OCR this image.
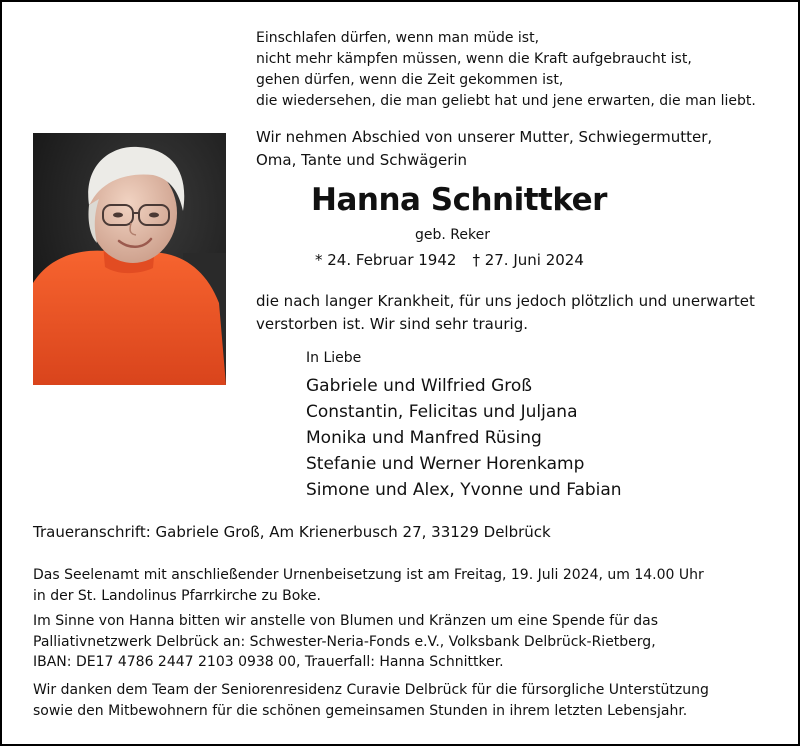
Einschlafen dürfen, wenn man müde ist,
nicht mehr kämpfen müssen, wenn die Kraft aufgebraucht ist,
gehen dürfen, wenn die Zeit gekommen ist,
die wiedersehen, die man geliebt hat und jene erwarten, die man liebt.
Wir nehmen Abschied von unserer Mutter, Schwiegermutter,
Oma, Tante und Schwägerin
Hanna Schnittker
geb. Reker
* 24. Februar 1942 † 27. Juni 2024
die nach langer Krankheit, für uns jedoch plötzlich und unerwartet
verstorben ist. Wir sind sehr traurig.
In Liebe
Gabriele und Wilfried Groß
Constantin, Felicitas und Juljana
Monika und Manfred Rüsing
Stefanie und Werner Horenkamp
Simone und Alex, Yvonne und Fabian
Traueranschrift: Gabriele Groß, Am Krienerbusch 27, 33129 Delbrück
Das Seelenamt mit anschließender Urnenbeisetzung ist am Freitag, 19. Juli 2024, um 14.00 Uhr
in der St. Landolinus Pfarrkirche zu Boke.
Im Sinne von Hanna bitten wir anstelle von Blumen und Kränzen um eine Spende für das
Palliativnetzwerk Delbrück an: Schwester-Neria-Fonds e.V., Volksbank Delbrück-Rietberg,
IBAN: DE17 4786 2447 2103 0938 00, Trauerfall: Hanna Schnittker.
Wir danken dem Team der Seniorenresidenz Curavie Delbrück für die fürsorgliche Unterstützung
sowie den Mitbewohnern für die schönen gemeinsamen Stunden in ihrem letzten Lebensjahr.
